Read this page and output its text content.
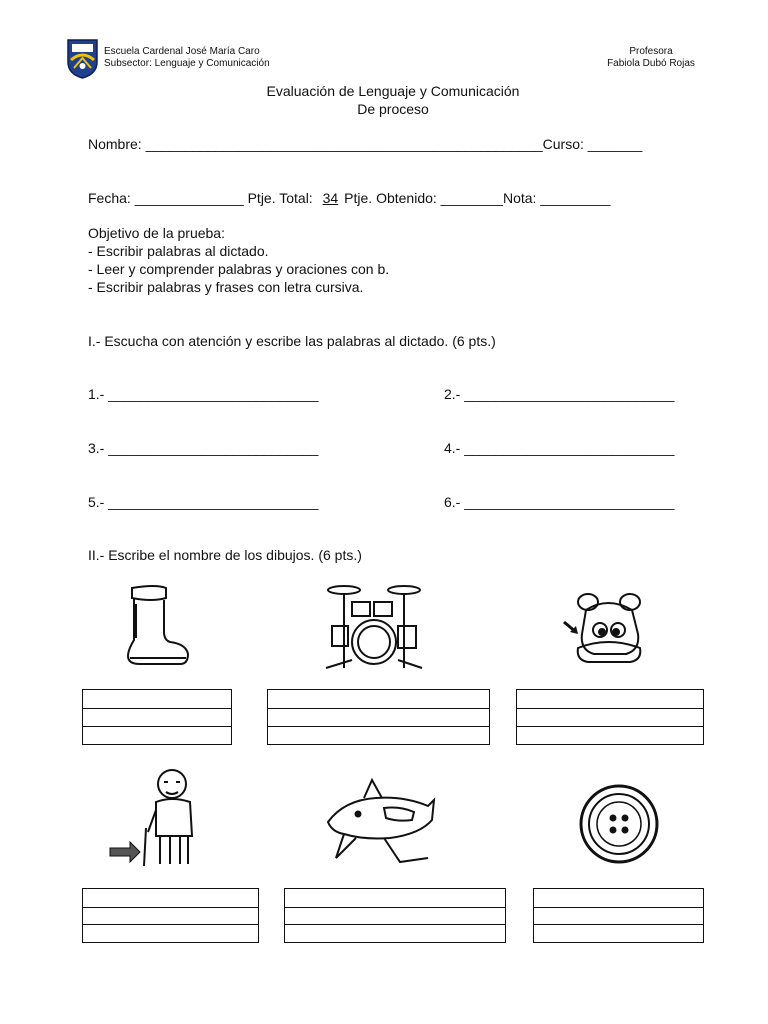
Escuela Cardenal José María Caro
Subsector: Lenguaje y Comunicación
Profesora
Fabiola Dubó Rojas
Evaluación de Lenguaje y Comunicación
De proceso
Nombre: ___________________________________________________Curso: _______
Fecha: ______________ Ptje. Total: 34 Ptje. Obtenido: ________Nota: _________
Objetivo de la prueba:
- Escribir palabras al dictado.
- Leer y comprender palabras y oraciones con b.
- Escribir palabras y frases con letra cursiva.
I.- Escucha con atención y escribe las palabras al dictado. (6 pts.)
1.- ___________________________	2.- ___________________________
3.- ___________________________	4.- ___________________________
5.- ___________________________	6.- ___________________________
II.- Escribe el nombre de los dibujos. (6 pts.)
